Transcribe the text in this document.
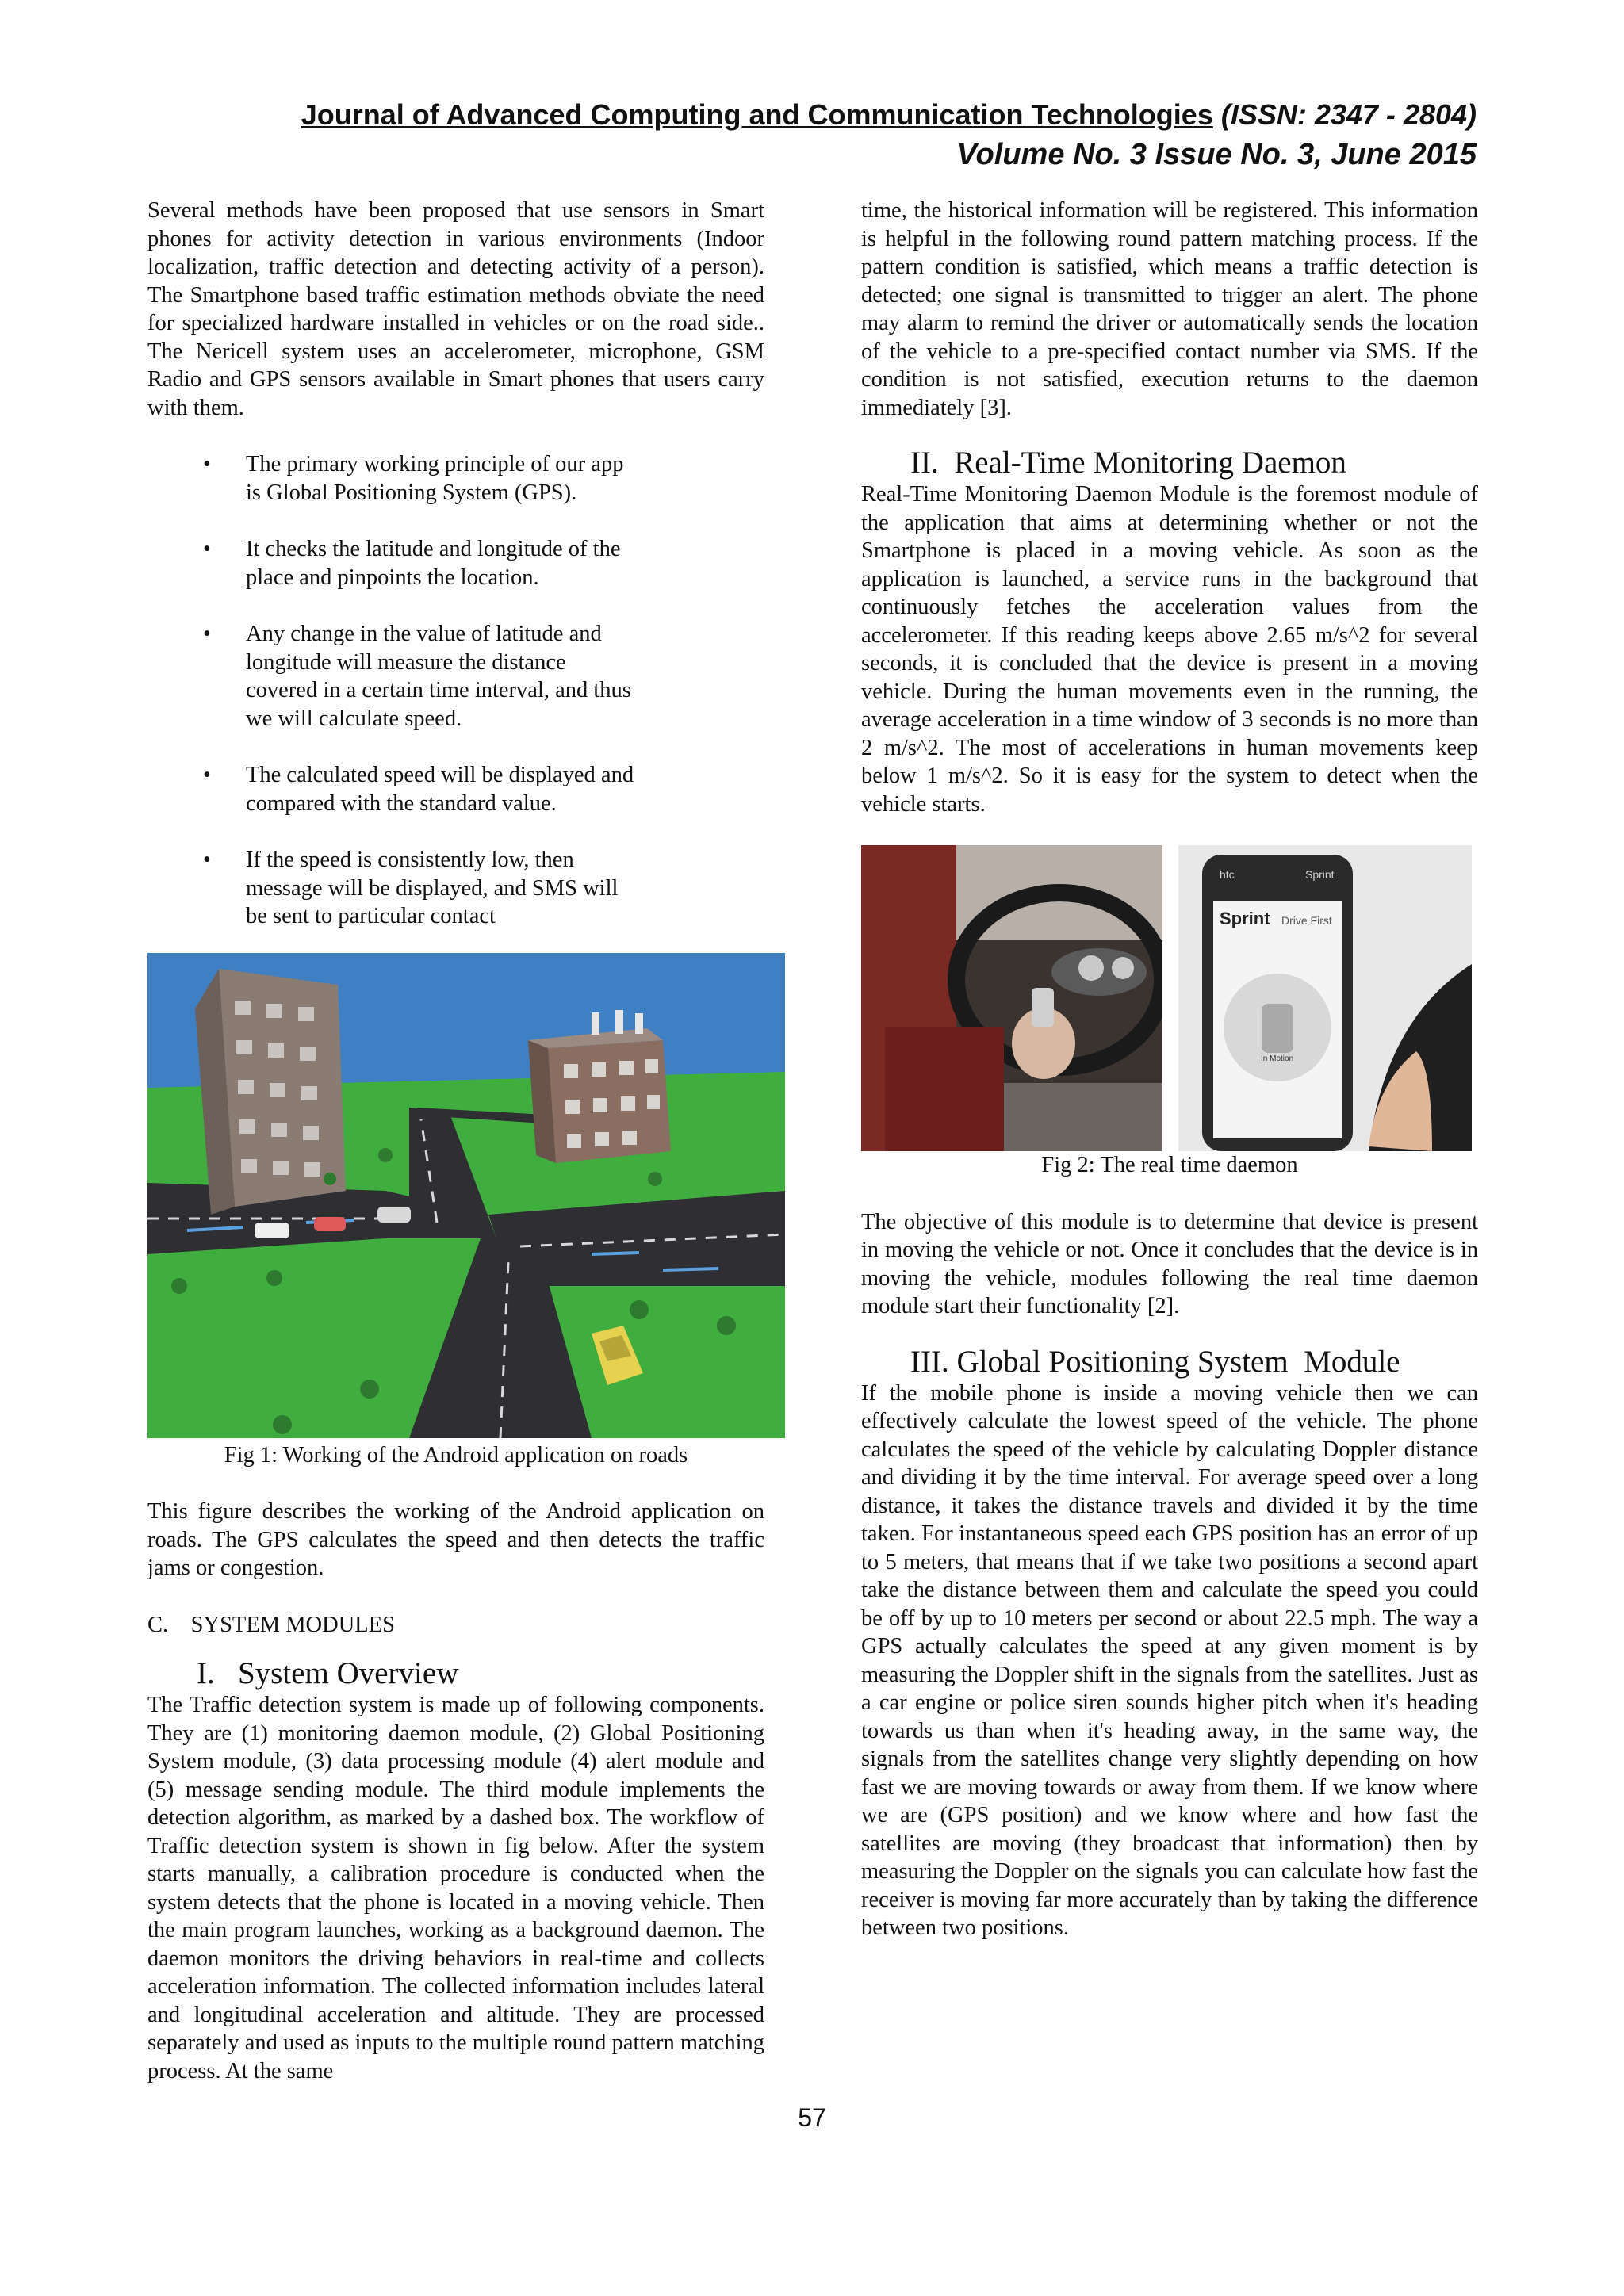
Journal of Advanced Computing and Communication Technologies (ISSN: 2347 - 2804)
Volume No. 3 Issue No. 3, June 2015

Several methods have been proposed that use sensors in Smart phones for activity detection in various environments (Indoor localization, traffic detection and detecting activity of a person). The Smartphone based traffic estimation methods obviate the need for specialized hardware installed in vehicles or on the road side.. The Nericell system uses an accelerometer, microphone, GSM Radio and GPS sensors available in Smart phones that users carry with them.

• The primary working principle of our app is Global Positioning System (GPS).
• It checks the latitude and longitude of the place and pinpoints the location.
• Any change in the value of latitude and longitude will measure the distance covered in a certain time interval, and thus we will calculate speed.
• The calculated speed will be displayed and compared with the standard value.
• If the speed is consistently low, then message will be displayed, and SMS will be sent to particular contact

Fig 1: Working of the Android application on roads

This figure describes the working of the Android application on roads. The GPS calculates the speed and then detects the traffic jams or congestion.

C.    SYSTEM MODULES

I.   System Overview

The Traffic detection system is made up of following components. They are (1) monitoring daemon module, (2) Global Positioning System module, (3) data processing module (4) alert module and (5) message sending module. The third module implements the detection algorithm, as marked by a dashed box. The workflow of Traffic detection system is shown in fig below. After the system starts manually, a calibration procedure is conducted when the system detects that the phone is located in a moving vehicle. Then the main program launches, working as a background daemon. The daemon monitors the driving behaviors in real-time and collects acceleration information. The collected information includes lateral and longitudinal acceleration and altitude. They are processed separately and used as inputs to the multiple round pattern matching process. At the same

time, the historical information will be registered. This information is helpful in the following round pattern matching process. If the pattern condition is satisfied, which means a traffic detection is detected; one signal is transmitted to trigger an alert. The phone may alarm to remind the driver or automatically sends the location of the vehicle to a pre-specified contact number via SMS. If the condition is not satisfied, execution returns to the daemon immediately [3].

II.  Real-Time Monitoring Daemon

Real-Time Monitoring Daemon Module is the foremost module of the application that aims at determining whether or not the Smartphone is placed in a moving vehicle. As soon as the application is launched, a service runs in the background that continuously fetches the acceleration values from the accelerometer. If this reading keeps above 2.65 m/s^2 for several seconds, it is concluded that the device is present in a moving vehicle. During the human movements even in the running, the average acceleration in a time window of 3 seconds is no more than 2 m/s^2. The most of accelerations in human movements keep below 1 m/s^2. So it is easy for the system to detect when the vehicle starts.

htc	Sprint
Sprint Drive First
In Motion

Fig 2: The real time daemon

The objective of this module is to determine that device is present in moving the vehicle or not. Once it concludes that the device is in moving the vehicle, modules following the real time daemon module start their functionality [2].

III. Global Positioning System  Module

If the mobile phone is inside a moving vehicle then we can effectively calculate the lowest speed of the vehicle. The phone calculates the speed of the vehicle by calculating Doppler distance and dividing it by the time interval. For average speed over a long distance, it takes the distance travels and divided it by the time taken. For instantaneous speed each GPS position has an error of up to 5 meters, that means that if we take two positions a second apart take the distance between them and calculate the speed you could be off by up to 10 meters per second or about 22.5 mph. The way a GPS actually calculates the speed at any given moment is by measuring the Doppler shift in the signals from the satellites. Just as a car engine or police siren sounds higher pitch when it's heading towards us than when it's heading away, in the same way, the signals from the satellites change very slightly depending on how fast we are moving towards or away from them. If we know where we are (GPS position) and we know where and how fast the satellites are moving (they broadcast that information) then by measuring the Doppler on the signals you can calculate how fast the receiver is moving far more accurately than by taking the difference between two positions.

57
